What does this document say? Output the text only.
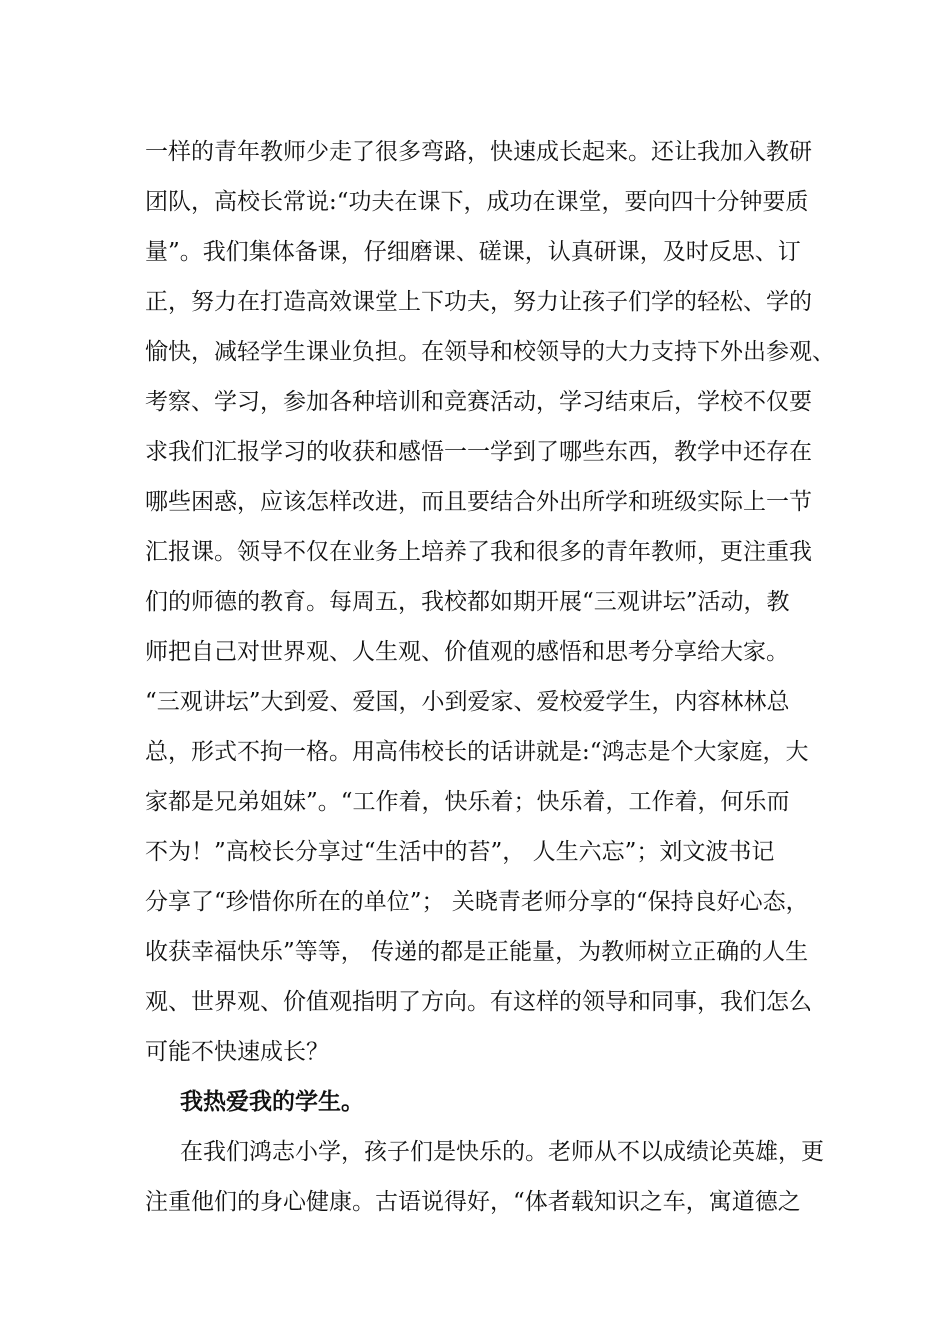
一样的青年教师少走了很多弯路，快速成长起来。还让我加入教研
团队，高校长常说:“功夫在课下，成功在课堂，要向四十分钟要质
量”。我们集体备课，仔细磨课、磋课，认真研课，及时反思、订
正，努力在打造高效课堂上下功夫，努力让孩子们学的轻松、学的
愉快，减轻学生课业负担。在领导和校领导的大力支持下外出参观、
考察、学习，参加各种培训和竞赛活动，学习结束后，学校不仅要
求我们汇报学习的收获和感悟一一学到了哪些东西，教学中还存在
哪些困惑，应该怎样改进，而且要结合外出所学和班级实际上一节
汇报课。领导不仅在业务上培养了我和很多的青年教师，更注重我
们的师德的教育。每周五，我校都如期开展“三观讲坛”活动，教
师把自己对世界观、人生观、价值观的感悟和思考分享给大家。
“三观讲坛”大到爱、爱国，小到爱家、爱校爱学生，内容林林总
总，形式不拘一格。用高伟校长的话讲就是:“鸿志是个大家庭，大
家都是兄弟姐妹”。“工作着，快乐着；快乐着，工作着，何乐而
不为！”高校长分享过“生活中的苔”， 人生六忘”；刘文波书记
分享了“珍惜你所在的单位”； 关晓青老师分享的“保持良好心态，
收获幸福快乐”等等， 传递的都是正能量，为教师树立正确的人生
观、世界观、价值观指明了方向。有这样的领导和同事，我们怎么
可能不快速成长？
我热爱我的学生。
在我们鸿志小学，孩子们是快乐的。老师从不以成绩论英雄，更
注重他们的身心健康。古语说得好，“体者载知识之车，寓道德之
